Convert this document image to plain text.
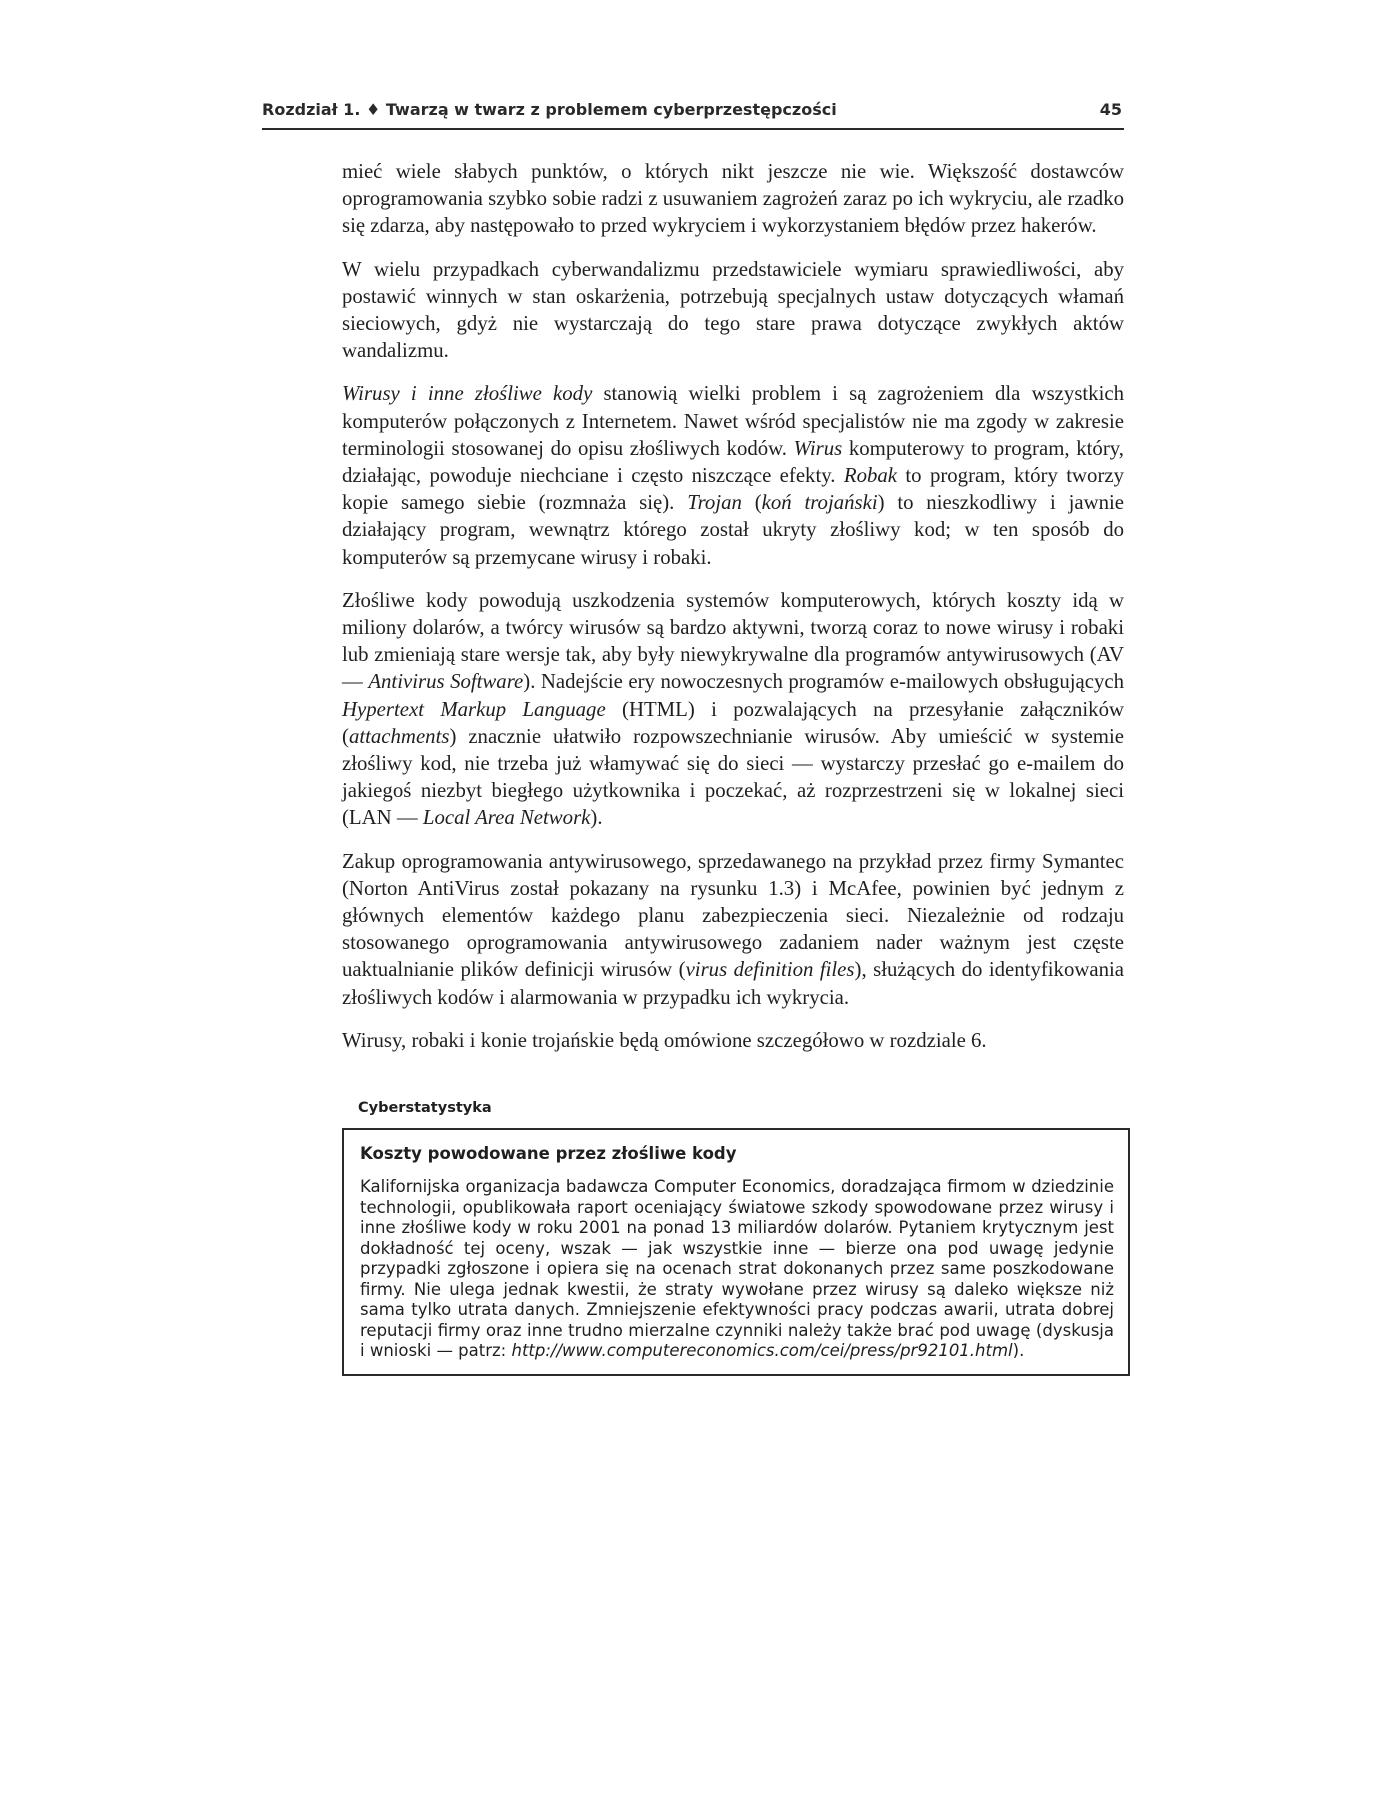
Rozdział 1. ♦ Twarzą w twarz z problemem cyberprzestępczości	45

mieć wiele słabych punktów, o których nikt jeszcze nie wie. Większość dostawców oprogramowania szybko sobie radzi z usuwaniem zagrożeń zaraz po ich wykryciu, ale rzadko się zdarza, aby następowało to przed wykryciem i wykorzystaniem błędów przez hakerów.

W wielu przypadkach cyberwandalizmu przedstawiciele wymiaru sprawiedliwości, aby postawić winnych w stan oskarżenia, potrzebują specjalnych ustaw dotyczących włamań sieciowych, gdyż nie wystarczają do tego stare prawa dotyczące zwykłych aktów wandalizmu.

Wirusy i inne złośliwe kody stanowią wielki problem i są zagrożeniem dla wszystkich komputerów połączonych z Internetem. Nawet wśród specjalistów nie ma zgody w zakresie terminologii stosowanej do opisu złośliwych kodów. Wirus komputerowy to program, który, działając, powoduje niechciane i często niszczące efekty. Robak to program, który tworzy kopie samego siebie (rozmnaża się). Trojan (koń trojański) to nieszkodliwy i jawnie działający program, wewnątrz którego został ukryty złośliwy kod; w ten sposób do komputerów są przemycane wirusy i robaki.

Złośliwe kody powodują uszkodzenia systemów komputerowych, których koszty idą w miliony dolarów, a twórcy wirusów są bardzo aktywni, tworzą coraz to nowe wirusy i robaki lub zmieniają stare wersje tak, aby były niewykrywalne dla programów antywirusowych (AV — Antivirus Software). Nadejście ery nowoczesnych programów e-mailowych obsługujących Hypertext Markup Language (HTML) i pozwalających na przesyłanie załączników (attachments) znacznie ułatwiło rozpowszechnianie wirusów. Aby umieścić w systemie złośliwy kod, nie trzeba już włamywać się do sieci — wystarczy przesłać go e-mailem do jakiegoś niezbyt biegłego użytkownika i poczekać, aż rozprzestrzeni się w lokalnej sieci (LAN — Local Area Network).

Zakup oprogramowania antywirusowego, sprzedawanego na przykład przez firmy Symantec (Norton AntiVirus został pokazany na rysunku 1.3) i McAfee, powinien być jednym z głównych elementów każdego planu zabezpieczenia sieci. Niezależnie od rodzaju stosowanego oprogramowania antywirusowego zadaniem nader ważnym jest częste uaktualnianie plików definicji wirusów (virus definition files), służących do identyfikowania złośliwych kodów i alarmowania w przypadku ich wykrycia.

Wirusy, robaki i konie trojańskie będą omówione szczegółowo w rozdziale 6.

Cyberstatystyka

Koszty powodowane przez złośliwe kody

Kalifornijska organizacja badawcza Computer Economics, doradzająca firmom w dziedzinie technologii, opublikowała raport oceniający światowe szkody spowodowane przez wirusy i inne złośliwe kody w roku 2001 na ponad 13 miliardów dolarów. Pytaniem krytycznym jest dokładność tej oceny, wszak — jak wszystkie inne — bierze ona pod uwagę jedynie przypadki zgłoszone i opiera się na ocenach strat dokonanych przez same poszkodowane firmy. Nie ulega jednak kwestii, że straty wywołane przez wirusy są daleko większe niż sama tylko utrata danych. Zmniejszenie efektywności pracy podczas awarii, utrata dobrej reputacji firmy oraz inne trudno mierzalne czynniki należy także brać pod uwagę (dyskusja i wnioski — patrz: http://www.computereconomics.com/cei/press/pr92101.html).
